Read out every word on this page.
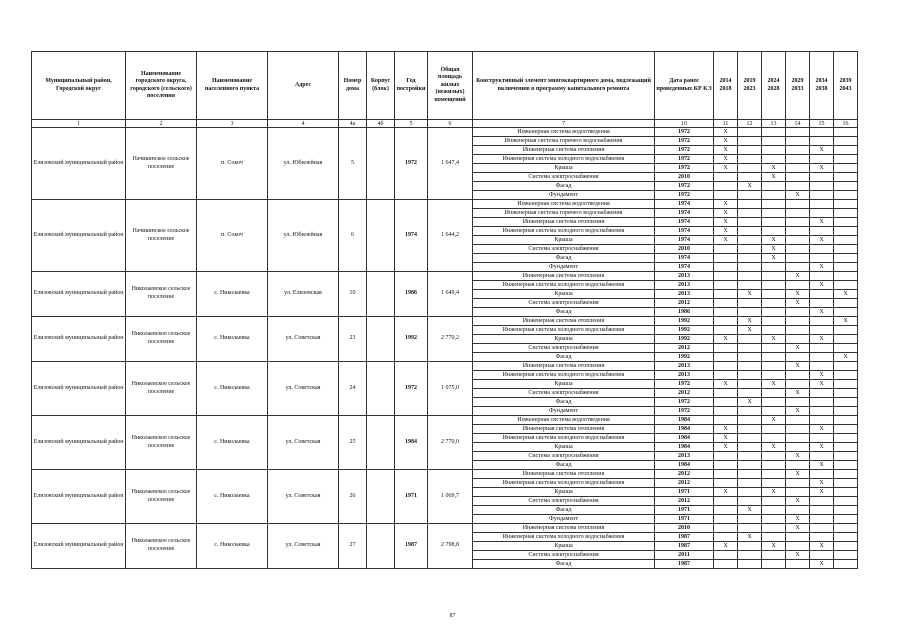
Муниципальный район, Городской округ	Наименование городского округа, городского (сельского) поселения	Наименование населенного пункта	Адрес	Номер дома	Корпус (блок)	Год постройки	Общая площадь жилых (нежилых) помещений	Конструктивный элемент многоквартирного дома, подлежащий включению в программу капитального ремонта	Дата ранее проведенных КР КЭ	2014 2018	2019 2023	2024 2028	2029 2033	2034 2038	2039 2043
1	2	3	4	4а	4б	5	6	7	10	11	12	13	14	15	16
Елизовский муниципальный район	Начикинское сельское поселение	п. Сокоч	ул. Юбилейная	5		1972	1 647,4	Инженерная система водоотведения	1972	X					
								Инженерная система горячего водоснабжения	1972	X					
								Инженерная система отопления	1972	X				X	
								Инженерная система холодного водоснабжения	1972	X					
								Крыша	1972	X		X		X	
								Система электроснабжения	2010			X			
								Фасад	1972		X				
								Фундамент	1972				X		
Елизовский муниципальный район	Начикинское сельское поселение	п. Сокоч	ул. Юбилейная	6		1974	1 644,2	Инженерная система водоотведения	1974	X					
								Инженерная система горячего водоснабжения	1974	X					
								Инженерная система отопления	1974	X				X	
								Инженерная система холодного водоснабжения	1974	X					
								Крыша	1974	X		X		X	
								Система электроснабжения	2010			X			
								Фасад	1974			X			
								Фундамент	1974					X	
Елизовский муниципальный район	Николаевское сельское поселение	с. Николаевка	ул. Елизовская	10		1986	1 649,4	Инженерная система отопления	2013				X		
								Инженерная система холодного водоснабжения	2013					X	
								Крыша	2013		X		X		X
								Система электроснабжения	2012				X		
								Фасад	1986					X	
Елизовский муниципальный район	Николаевское сельское поселение	с. Николаевка	ул. Советская	23		1992	2 770,2	Инженерная система отопления	1992		X				X
								Инженерная система холодного водоснабжения	1992		X				
								Крыша	1992	X		X		X	
								Система электроснабжения	2012				X		
								Фасад	1992						X
Елизовский муниципальный район	Николаевское сельское поселение	с. Николаевка	ул. Советская	24		1972	1 075,0	Инженерная система отопления	2013				X		
								Инженерная система холодного водоснабжения	2013					X	
								Крыша	1972	X		X		X	
								Система электроснабжения	2012				X		
								Фасад	1972		X				
								Фундамент	1972				X		
Елизовский муниципальный район	Николаевское сельское поселение	с. Николаевка	ул. Советская	25		1984	2 770,0	Инженерная система водоотведения	1984			X			
								Инженерная система отопления	1984	X				X	
								Инженерная система холодного водоснабжения	1984	X					
								Крыша	1984	X		X		X	
								Система электроснабжения	2013				X		
								Фасад	1984					X	
Елизовский муниципальный район	Николаевское сельское поселение	с. Николаевка	ул. Советская	26		1971	1 069,7	Инженерная система отопления	2012				X		
								Инженерная система холодного водоснабжения	2012					X	
								Крыша	1971	X		X		X	
								Система электроснабжения	2012				X		
								Фасад	1971		X				
								Фундамент	1971				X		
Елизовский муниципальный район	Николаевское сельское поселение	с. Николаевка	ул. Советская	27		1987	2 798,8	Инженерная система отопления	2010				X		
								Инженерная система холодного водоснабжения	1987		X				
								Крыша	1987	X		X		X	
								Система электроснабжения	2011				X		
								Фасад	1987					X	
87
